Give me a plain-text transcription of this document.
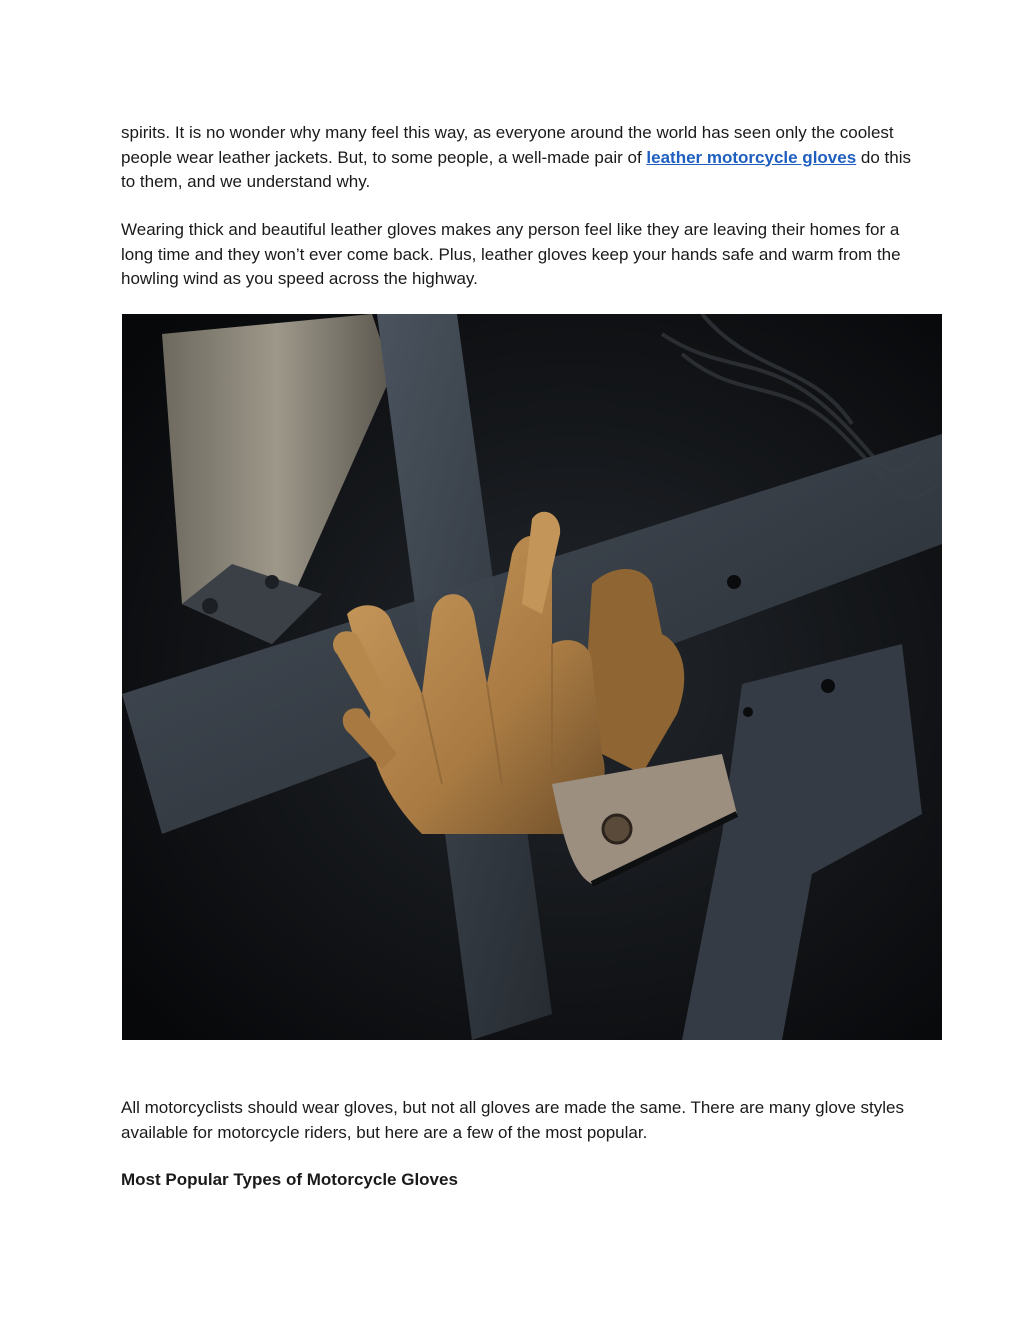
spirits. It is no wonder why many feel this way, as everyone around the world has seen only the coolest people wear leather jackets. But, to some people, a well-made pair of leather motorcycle gloves do this to them, and we understand why.

Wearing thick and beautiful leather gloves makes any person feel like they are leaving their homes for a long time and they won’t ever come back. Plus, leather gloves keep your hands safe and warm from the howling wind as you speed across the highway.

All motorcyclists should wear gloves, but not all gloves are made the same. There are many glove styles available for motorcycle riders, but here are a few of the most popular.

Most Popular Types of Motorcycle Gloves
